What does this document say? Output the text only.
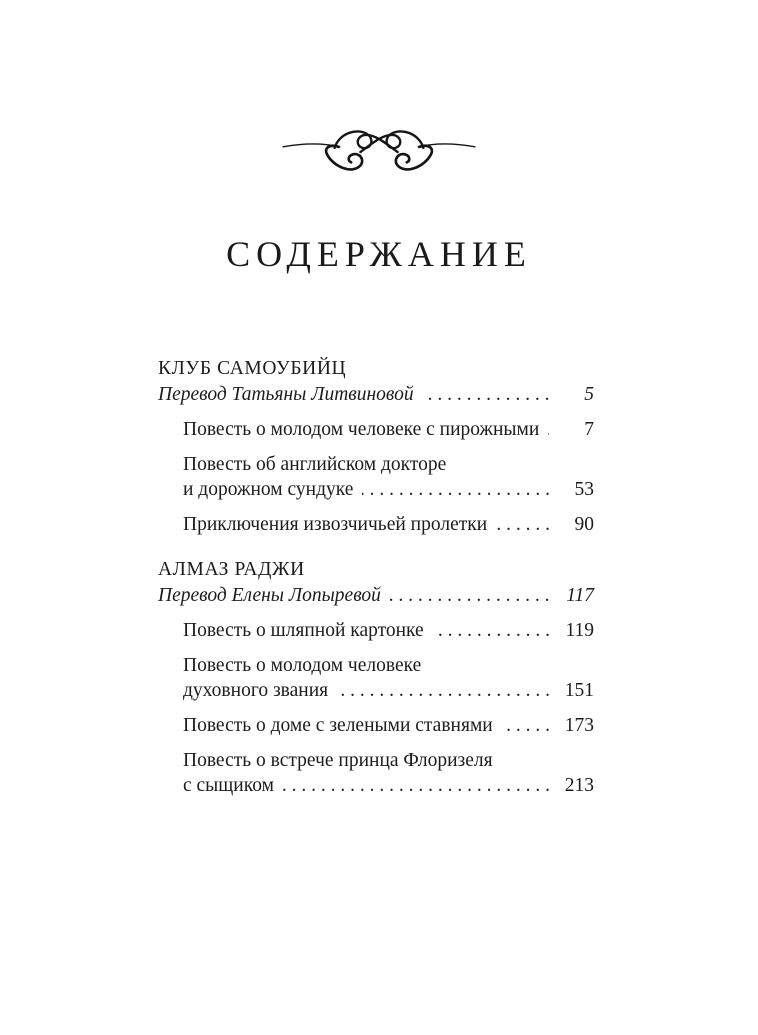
СОДЕРЖАНИЕ
КЛУБ САМОУБИЙЦ
Перевод Татьяны Литвиновой . . .	5
Повесть о молодом человеке с пирожными . . .	7
Повесть об английском докторе
и дорожном сундуке . . .	53
Приключения извозчичьей пролетки . . .	90
АЛМАЗ РАДЖИ
Перевод Елены Лопыревой . . .	117
Повесть о шляпной картонке . . .	119
Повесть о молодом человеке
духовного звания . . .	151
Повесть о доме с зелеными ставнями . . .	173
Повесть о встрече принца Флоризеля
с сыщиком . . .	213
